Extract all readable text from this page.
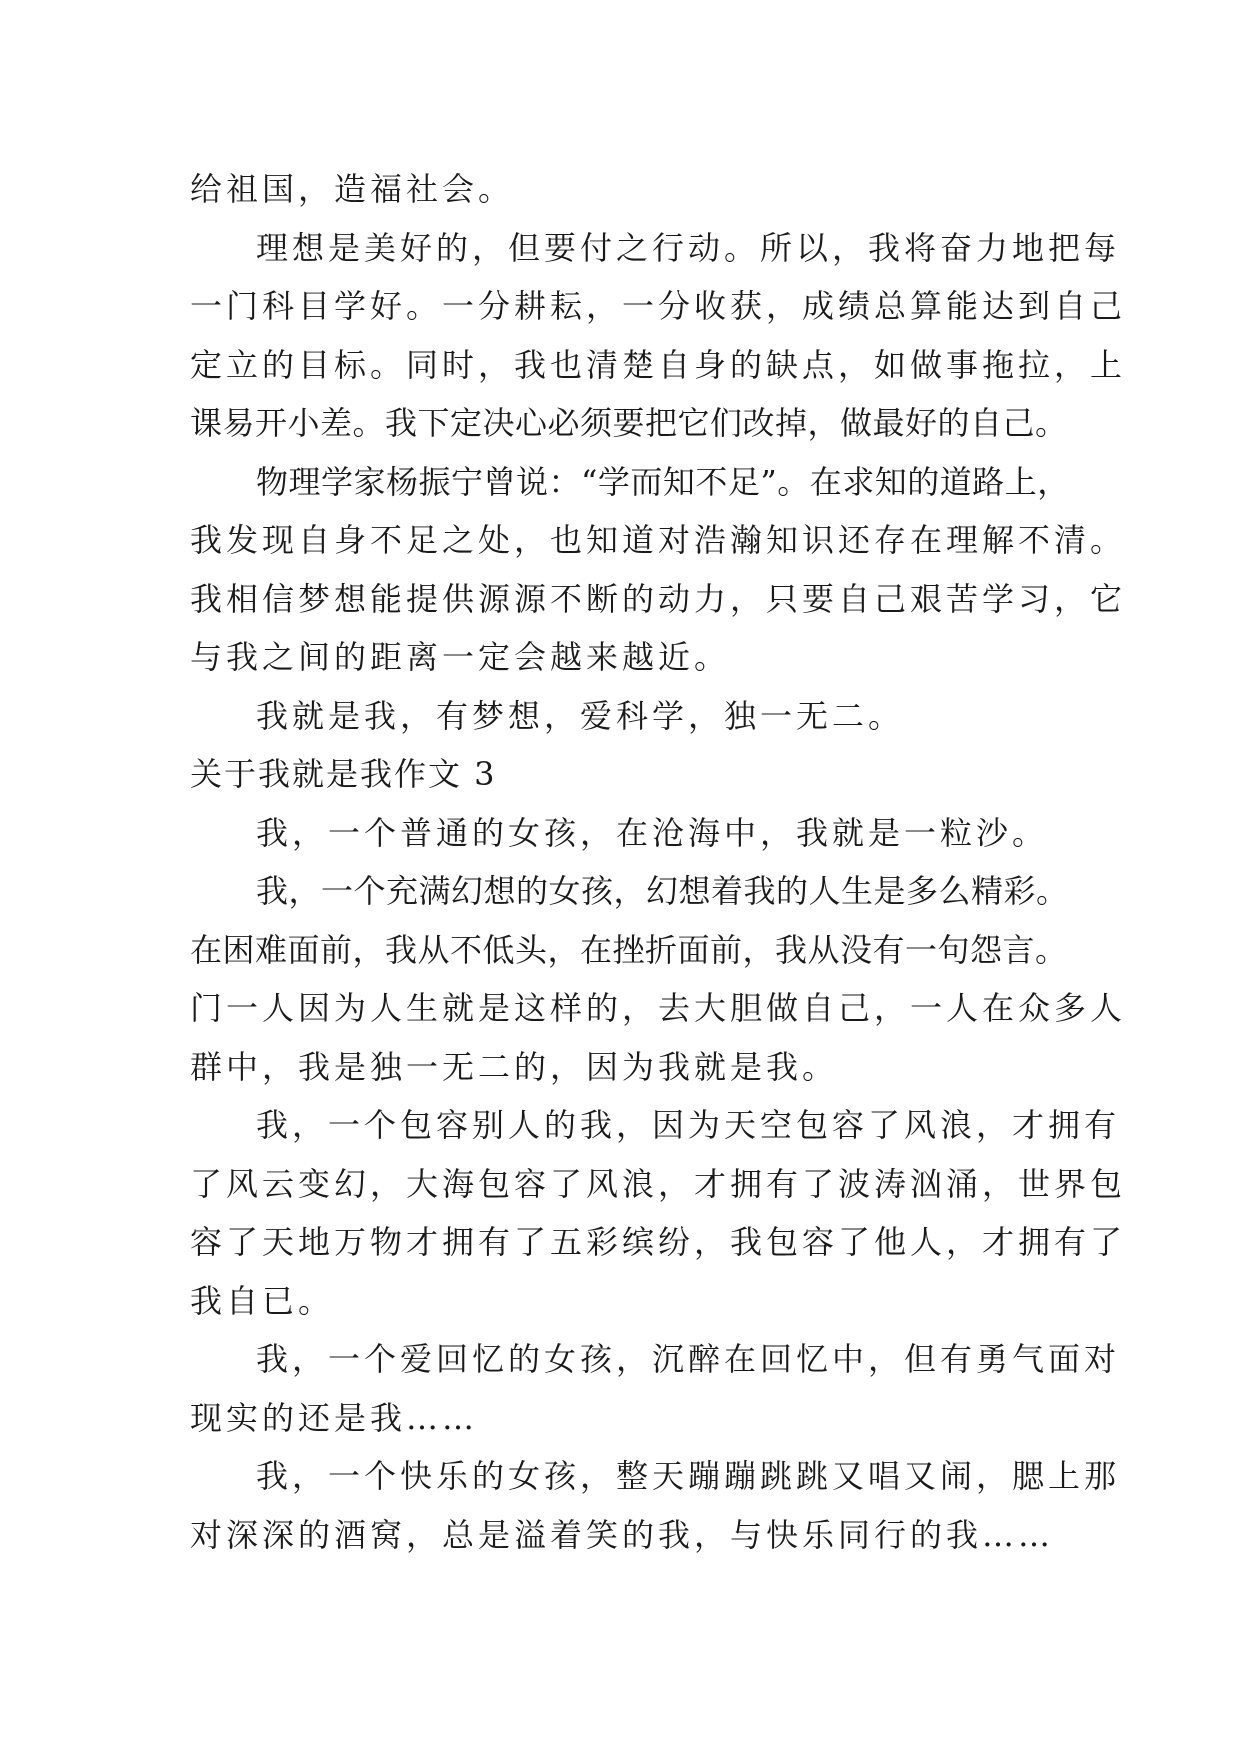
给祖国，造福社会。
理想是美好的，但要付之行动。所以，我将奋力地把每
一门科目学好。一分耕耘，一分收获，成绩总算能达到自己
定立的目标。同时，我也清楚自身的缺点，如做事拖拉，上
课易开小差。我下定决心必须要把它们改掉，做最好的自己。
物理学家杨振宁曾说：“学而知不足”。在求知的道路上，
我发现自身不足之处，也知道对浩瀚知识还存在理解不清。
我相信梦想能提供源源不断的动力，只要自己艰苦学习，它
与我之间的距离一定会越来越近。
我就是我，有梦想，爱科学，独一无二。
关于我就是我作文 3
我，一个普通的女孩，在沧海中，我就是一粒沙。
我，一个充满幻想的女孩，幻想着我的人生是多么精彩。
在困难面前，我从不低头，在挫折面前，我从没有一句怨言。
门一人因为人生就是这样的，去大胆做自己，一人在众多人
群中，我是独一无二的，因为我就是我。
我，一个包容别人的我，因为天空包容了风浪，才拥有
了风云变幻，大海包容了风浪，才拥有了波涛汹涌，世界包
容了天地万物才拥有了五彩缤纷，我包容了他人，才拥有了
我自已。
我，一个爱回忆的女孩，沉醉在回忆中，但有勇气面对
现实的还是我……
我，一个快乐的女孩，整天蹦蹦跳跳又唱又闹，腮上那
对深深的酒窝，总是溢着笑的我，与快乐同行的我……
